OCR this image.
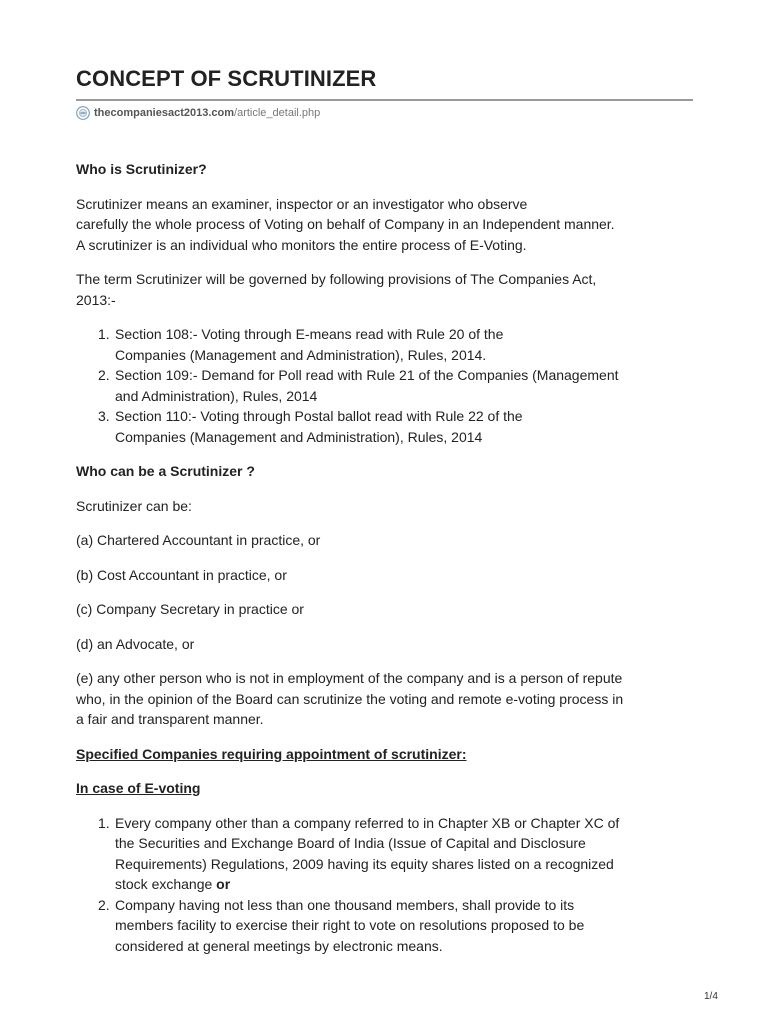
CONCEPT OF SCRUTINIZER
thecompaniesact2013.com /article_detail.php

Who is Scrutinizer?

Scrutinizer means an examiner, inspector or an investigator who observe
carefully the whole process of Voting on behalf of Company in an Independent manner.
A scrutinizer is an individual who monitors the entire process of E-Voting.

The term Scrutinizer will be governed by following provisions of The Companies Act,
2013:-

1. Section 108:- Voting through E-means read with Rule 20 of the
Companies (Management and Administration), Rules, 2014.
2. Section 109:- Demand for Poll read with Rule 21 of the Companies (Management
and Administration), Rules, 2014
3. Section 110:- Voting through Postal ballot read with Rule 22 of the
Companies (Management and Administration), Rules, 2014

Who can be a Scrutinizer ?

Scrutinizer can be:

(a) Chartered Accountant in practice, or

(b) Cost Accountant in practice, or

(c) Company Secretary in practice or

(d) an Advocate, or

(e) any other person who is not in employment of the company and is a person of repute
who, in the opinion of the Board can scrutinize the voting and remote e-voting process in
a fair and transparent manner.

Specified Companies requiring appointment of scrutinizer:

In case of E-voting

1. Every company other than a company referred to in Chapter XB or Chapter XC of
the Securities and Exchange Board of India (Issue of Capital and Disclosure
Requirements) Regulations, 2009 having its equity shares listed on a recognized
stock exchange or
2. Company having not less than one thousand members, shall provide to its
members facility to exercise their right to vote on resolutions proposed to be
considered at general meetings by electronic means.
1/4
